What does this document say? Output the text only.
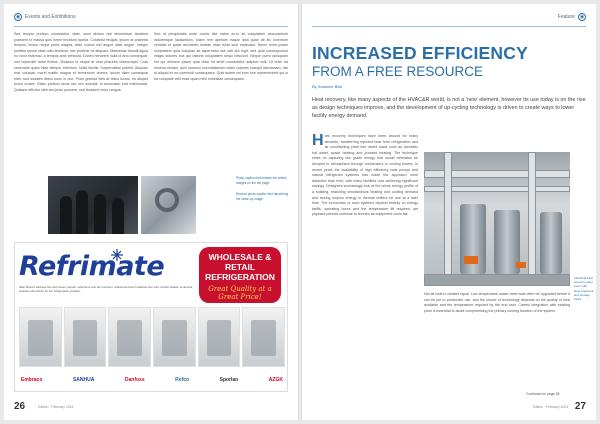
◉ Events and Exhibitions

Sed tempor pretium consectetur vitae, nunc dictum nisl elementum faucibus praesent in massa quis lorem tincidunt lacinia. Curabitur feugiat, ipsum at pharetra tempus, lectus neque porta magna, vitae cursus nisi augue vitae augue. Integer porttitor ipsum vitae odio tincidunt, nec pulvinar ex aliquam. Maecenas blandit ligula eu nunc euismod, a tempus ante vehicula. Donec hendrerit nulla id arcu consequat, non imperdiet dolor finibus. Vivamus id neque at urna pharetra ullamcorper. Cras venenatis quam vitae semper interdum. Nulla facilisi. Suspendisse potenti. Aliquam erat volutpat, morbi mattis magna et fermentum viverra, ipsum diam consequat nibh, sed sodales libero nunc in orci. Proin gravida felis at tellus luctus, eu aliquet purus ornare. Etiam pretium lacus nec orci suscipit, id accumsan erat malesuada. Quisque efficitur nibh sed justo posuere, sed tincidunt enim congue.

Sed ut perspiciatis unde omnis iste natus error sit voluptatem accusantium doloremque laudantium, totam rem aperiam eaque ipsa quae ab illo inventore veritatis et quasi architecto beatae vitae dicta sunt explicabo. Nemo enim ipsam voluptatem quia voluptas sit aspernatur aut odit aut fugit, sed quia consequuntur magni dolores eos qui ratione voluptatem sequi nesciunt. Neque porro quisquam est qui dolorem ipsum quia dolor sit amet consectetur adipisci velit. Ut enim ad minima veniam, quis nostrum exercitationem ullam corporis suscipit laboriosam, nisi ut aliquid ex ea commodi consequatur. Quis autem vel eum iure reprehenderit qui in ea voluptate velit esse quam nihil molestiae consequatur.

Photo caption text beside the article images on the left page.

Second photo caption text describing the close-up image.

Refrimate	WHOLESALE & RETAIL REFRIGERATION
Great Quality at a Great Price!
Main Branch address line with street, suburb, telephone and fax numbers. Additional branch address line with contact details, email and website information for the refrigeration supplier.
Embraco	SANHUA	Danfoss	Refco	Sporlan	AZGK
26	Edition · February 2024
Feature ◉
INCREASED EFFICIENCY
FROM A FREE RESOURCE
By Susanne Bille
Heat recovery, like many aspects of the HVAC&R world, is not a 'new' element, however its use today is on the rise as design techniques improve, and the development of up-cycling technology is driven to create ways to lower facility energy demand.

H eat recovery techniques have been around for many decades, transferring rejected heat from refrigeration and air conditioning plant into useful loads such as domestic hot water, space heating and process heating. The technique relies on capturing low grade energy that would otherwise be dumped to atmosphere through condensers or cooling towers. In recent years the availability of high efficiency heat pumps and natural refrigerant systems has made the approach more attractive than ever, with many facilities now achieving significant savings. Designers increasingly look at the whole energy profile of a building, matching simultaneous heating and cooling demand and storing surplus energy in thermal buffers for use at a later time. The economics of such systems depend heavily on energy tariffs, operating hours and the temperature lift required, yet payback periods continue to shorten as equipment costs fall.

Industrial heat recovery plant room with large pipework and storage tanks.

Not all heat is created equal. Low temperature waste heat must often be upgraded before it can be put to productive use, and the choice of technology depends on the quality of heat available and the temperature required by the end user. Careful integration with existing plant is essential to avoid compromising the primary cooling function of the system.

Continued on page 28
Edition · February 2024 27
